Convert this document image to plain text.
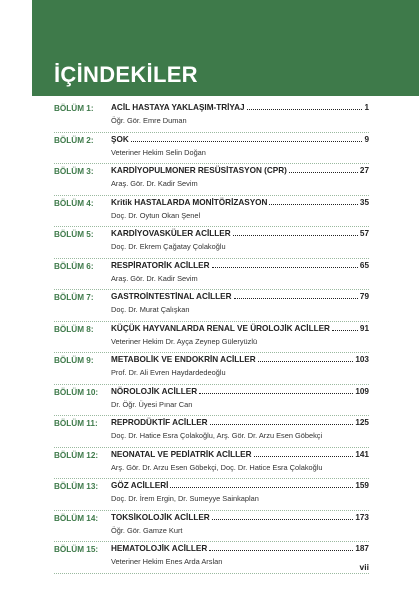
İÇİNDEKİLER
BÖLÜM 1: ACİL HASTAYA YAKLAŞIM-TRİYAJ	1
Öğr. Gör. Emre Duman
BÖLÜM 2: ŞOK	9
Veteriner Hekim Selin Doğan
BÖLÜM 3: KARDİYOPULMONER RESÜSİTASYON (CPR)	27
Araş. Gör. Dr. Kadir Sevim
BÖLÜM 4: Kritik HASTALARDA MONİTÖRİZASYON	35
Doç. Dr. Oytun Okan Şenel
BÖLÜM 5: KARDİYOVASKÜLER ACİLLER	57
Doç. Dr. Ekrem Çağatay Çolakoğlu
BÖLÜM 6: RESPİRATORİK ACİLLER	65
Araş. Gör. Dr. Kadir Sevim
BÖLÜM 7: GASTROİNTESTİNAL ACİLLER	79
Doç. Dr. Murat Çalışkan
BÖLÜM 8: KÜÇÜK HAYVANLARDA RENAL VE ÜROLOJİK ACİLLER	91
Veteriner Hekim Dr. Ayça Zeynep Güleryüzlü
BÖLÜM 9: METABOLİK VE ENDOKRİN ACİLLER	103
Prof. Dr. Ali Evren Haydardedeoğlu
BÖLÜM 10: NÖROLOJİK ACİLLER	109
Dr. Öğr. Üyesi Pınar Can
BÖLÜM 11: REPRODÜKTİF ACİLLER	125
Doç. Dr. Hatice Esra Çolakoğlu, Arş. Gör. Dr. Arzu Esen Göbekçi
BÖLÜM 12: NEONATAL VE PEDİATRİK ACİLLER	141
Arş. Gör. Dr. Arzu Esen Göbekçi, Doç. Dr. Hatice Esra Çolakoğlu
BÖLÜM 13: GÖZ ACİLLERİ	159
Doç. Dr. İrem Ergin, Dr. Sumeyye Sainkaplan
BÖLÜM 14: TOKSİKOLOJİK ACİLLER	173
Öğr. Gör. Gamze Kurt
BÖLÜM 15: HEMATOLOJİK ACİLLER	187
Veteriner Hekim Enes Arda Arslan
vii
